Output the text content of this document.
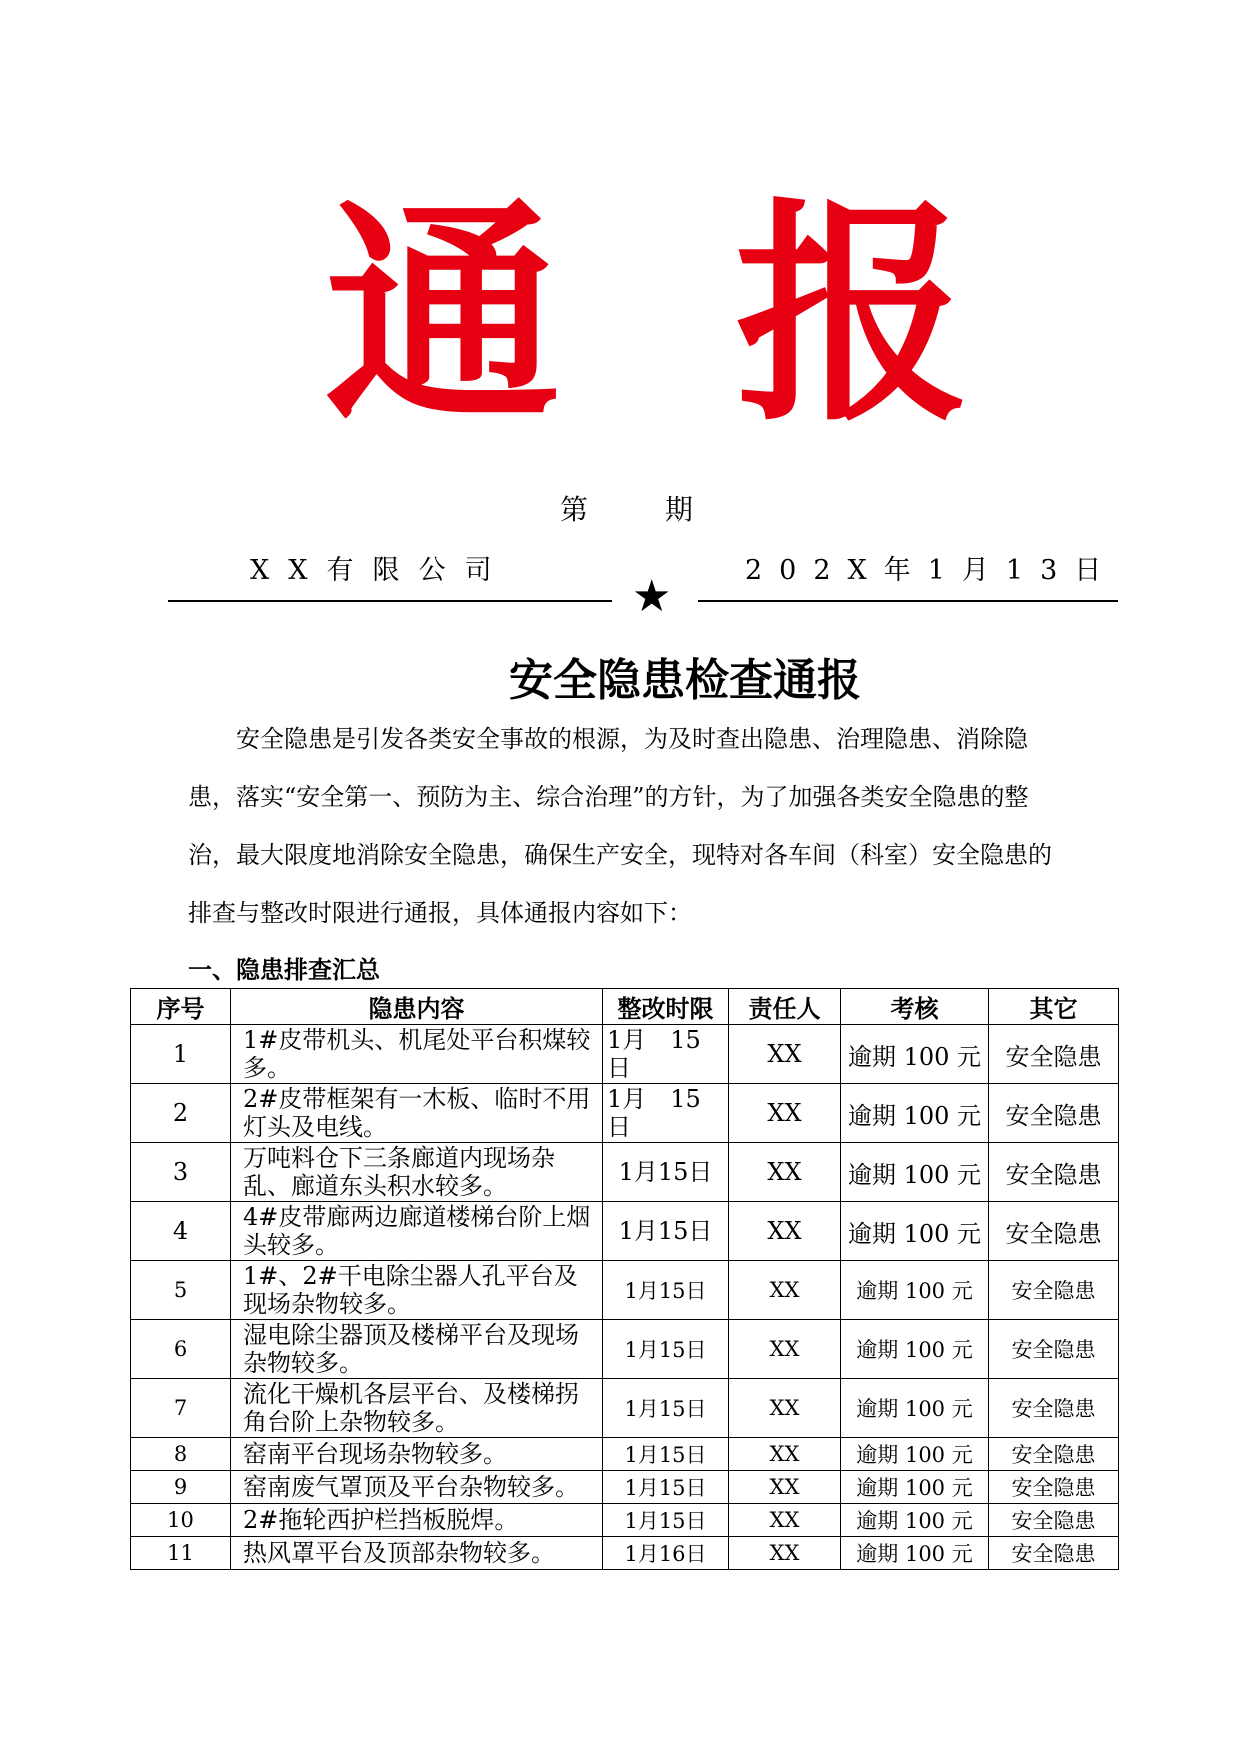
通 报
第 期
XX有限公司	202X年1月13日
★
安全隐患检查通报

安全隐患是引发各类安全事故的根源，为及时查出隐患、治理隐患、消除隐患，落实“安全第一、预防为主、综合治理”的方针，为了加强各类安全隐患的整治，最大限度地消除安全隐患，确保生产安全，现特对各车间（科室）安全隐患的排查与整改时限进行通报，具体通报内容如下：

一、隐患排查汇总
序号	隐患内容	整改时限	责任人	考核	其它
1	1#皮带机头、机尾处平台积煤较多。	1月　15日	XX	逾期 100 元	安全隐患
2	2#皮带框架有一木板、临时不用灯头及电线。	1月　15日	XX	逾期 100 元	安全隐患
3	万吨料仓下三条廊道内现场杂乱、廊道东头积水较多。	1月15日	XX	逾期 100 元	安全隐患
4	4#皮带廊两边廊道楼梯台阶上烟头较多。	1月15日	XX	逾期 100 元	安全隐患
5	1#、2#干电除尘器人孔平台及现场杂物较多。	1月15日	XX	逾期 100 元	安全隐患
6	湿电除尘器顶及楼梯平台及现场杂物较多。	1月15日	XX	逾期 100 元	安全隐患
7	流化干燥机各层平台、及楼梯拐角台阶上杂物较多。	1月15日	XX	逾期 100 元	安全隐患
8	窑南平台现场杂物较多。	1月15日	XX	逾期 100 元	安全隐患
9	窑南废气罩顶及平台杂物较多。	1月15日	XX	逾期 100 元	安全隐患
10	2#拖轮西护栏挡板脱焊。	1月15日	XX	逾期 100 元	安全隐患
11	热风罩平台及顶部杂物较多。	1月16日	XX	逾期 100 元	安全隐患
